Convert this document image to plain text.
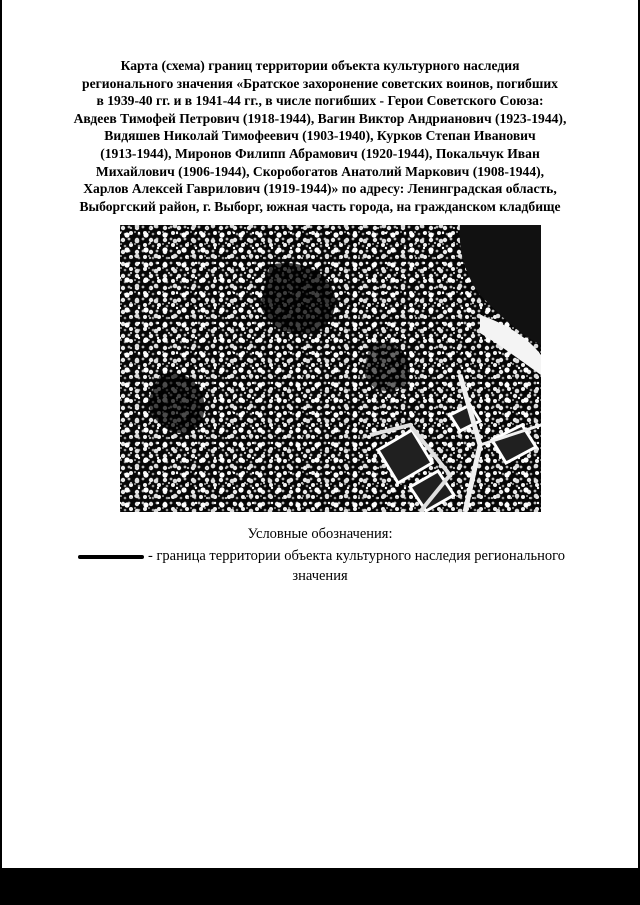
Карта (схема) границ территории объекта культурного наследия
регионального значения «Братское захоронение советских воинов, погибших
в 1939-40 гг. и в 1941-44 гг., в числе погибших - Герои Советского Союза:
Авдеев Тимофей Петрович (1918-1944), Вагин Виктор Андрианович (1923-1944),
Видяшев Николай Тимофеевич (1903-1940), Курков Степан Иванович
(1913-1944), Миронов Филипп Абрамович (1920-1944), Покальчук Иван
Михайлович (1906-1944), Скоробогатов Анатолий Маркович (1908-1944),
Харлов Алексей Гаврилович (1919-1944)» по адресу: Ленинградская область,
Выборгский район, г. Выборг, южная часть города, на гражданском кладбище
Условные обозначения:
- граница территории объекта культурного наследия регионального
значения
